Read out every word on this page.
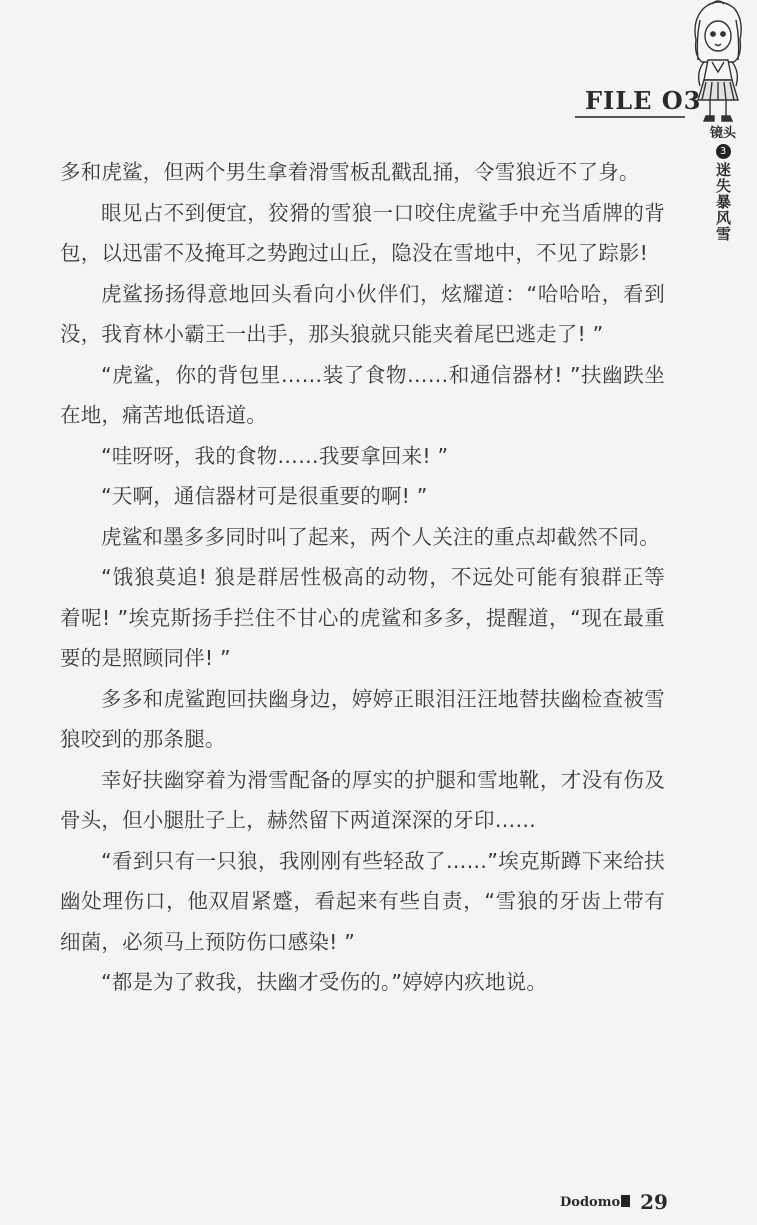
FILE O3
镜头
3
迷失暴风雪

多和虎鲨，但两个男生拿着滑雪板乱戳乱捅，令雪狼近不了身。

眼见占不到便宜，狡猾的雪狼一口咬住虎鲨手中充当盾牌的背包，以迅雷不及掩耳之势跑过山丘，隐没在雪地中，不见了踪影!

虎鲨扬扬得意地回头看向小伙伴们，炫耀道：“哈哈哈，看到没，我育林小霸王一出手，那头狼就只能夹着尾巴逃走了! ”

“虎鲨，你的背包里……装了食物……和通信器材! ”扶幽跌坐在地，痛苦地低语道。

“哇呀呀，我的食物……我要拿回来! ”

“天啊，通信器材可是很重要的啊! ”

虎鲨和墨多多同时叫了起来，两个人关注的重点却截然不同。

“饿狼莫追! 狼是群居性极高的动物，不远处可能有狼群正等着呢! ”埃克斯扬手拦住不甘心的虎鲨和多多，提醒道，“现在最重要的是照顾同伴! ”

多多和虎鲨跑回扶幽身边，婷婷正眼泪汪汪地替扶幽检查被雪狼咬到的那条腿。

幸好扶幽穿着为滑雪配备的厚实的护腿和雪地靴，才没有伤及骨头，但小腿肚子上，赫然留下两道深深的牙印……

“看到只有一只狼，我刚刚有些轻敌了……”埃克斯蹲下来给扶幽处理伤口，他双眉紧蹙，看起来有些自责，“雪狼的牙齿上带有细菌，必须马上预防伤口感染! ”

“都是为了救我，扶幽才受伤的。”婷婷内疚地说。

Dodomo	29
